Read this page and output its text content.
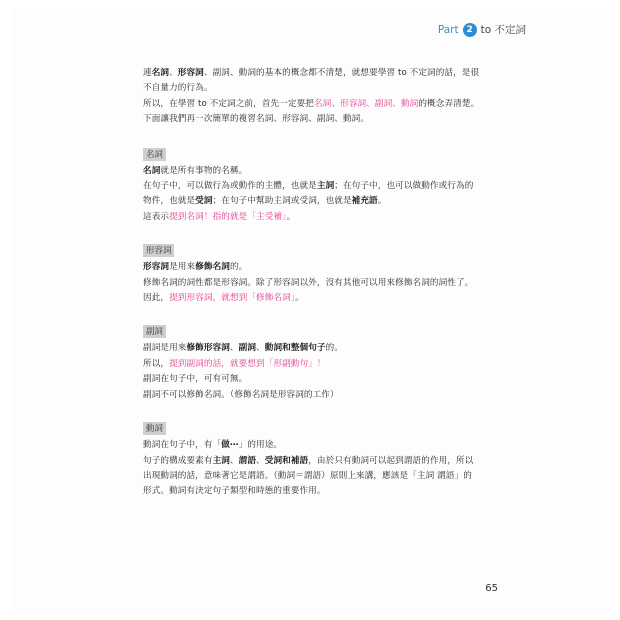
Part 2 to 不定詞

連名詞、形容詞、副詞、動詞的基本的概念都不清楚，就想要學習 to 不定詞的話，是很

不自量力的行為。

所以，在學習 to 不定詞之前，首先一定要把名詞、形容詞、副詞、動詞的概念弄清楚。

下面讓我們再一次簡單的複習名詞、形容詞、副詞、動詞。

名詞

名詞就是所有事物的名稱。

在句子中，可以做行為或動作的主體，也就是主詞；在句子中，也可以做動作或行為的

物件，也就是受詞；在句子中幫助主詞或受詞，也就是補充語。

這表示提到名詞！指的就是「主受補」。

形容詞

形容詞是用來修飾名詞的。

修飾名詞的詞性都是形容詞。除了形容詞以外，沒有其他可以用來修飾名詞的詞性了。

因此，提到形容詞，就想到「修飾名詞」。

副詞

副詞是用來修飾形容詞、副詞、動詞和整個句子的。

所以，提到副詞的話，就要想到「形副動句」！

副詞在句子中，可有可無。

副詞不可以修飾名詞。（修飾名詞是形容詞的工作）

動詞

動詞在句子中，有「做⋯」的用途。

句子的構成要素有主詞、謂語、受詞和補語，由於只有動詞可以起到謂語的作用，所以

出現動詞的話，意味著它是謂語。（動詞＝謂語）原則上來講，應該是「主詞 謂語」的

形式。動詞有決定句子類型和時態的重要作用。

65
